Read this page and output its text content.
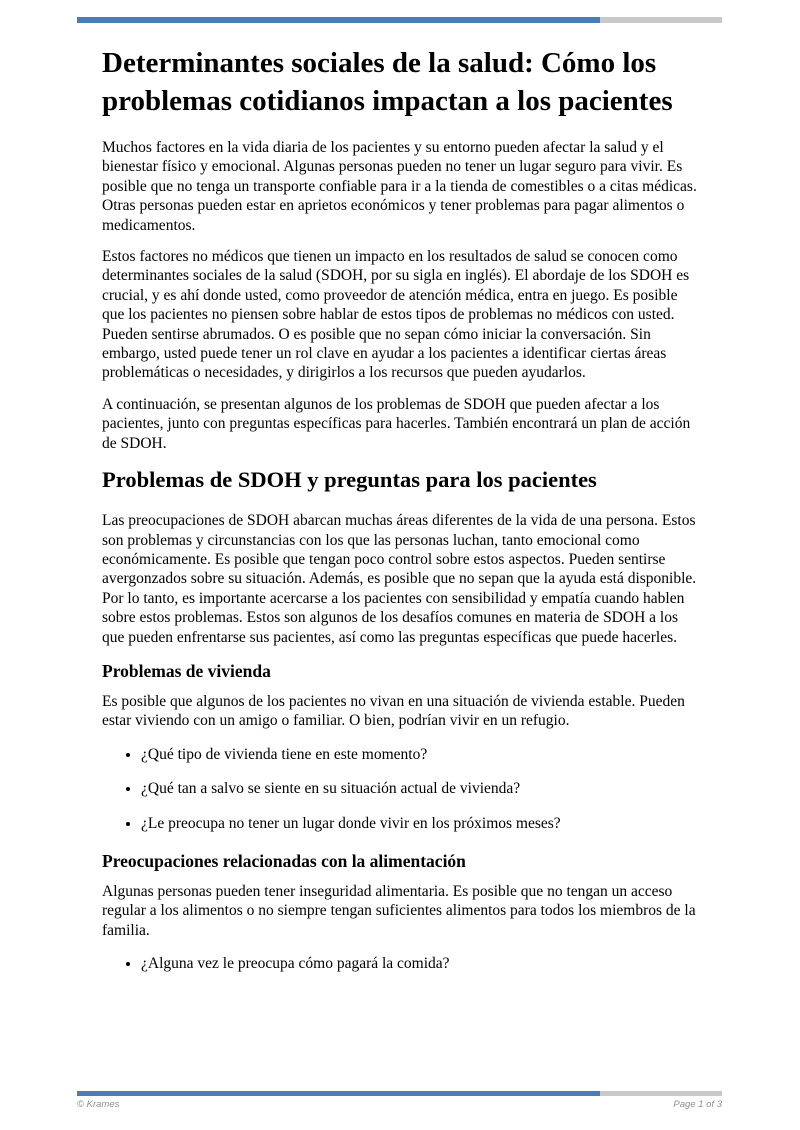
Determinantes sociales de la salud: Cómo los problemas cotidianos impactan a los pacientes

Muchos factores en la vida diaria de los pacientes y su entorno pueden afectar la salud y el bienestar físico y emocional. Algunas personas pueden no tener un lugar seguro para vivir. Es posible que no tenga un transporte confiable para ir a la tienda de comestibles o a citas médicas. Otras personas pueden estar en aprietos económicos y tener problemas para pagar alimentos o medicamentos.

Estos factores no médicos que tienen un impacto en los resultados de salud se conocen como determinantes sociales de la salud (SDOH, por su sigla en inglés). El abordaje de los SDOH es crucial, y es ahí donde usted, como proveedor de atención médica, entra en juego. Es posible que los pacientes no piensen sobre hablar de estos tipos de problemas no médicos con usted. Pueden sentirse abrumados. O es posible que no sepan cómo iniciar la conversación. Sin embargo, usted puede tener un rol clave en ayudar a los pacientes a identificar ciertas áreas problemáticas o necesidades, y dirigirlos a los recursos que pueden ayudarlos.

A continuación, se presentan algunos de los problemas de SDOH que pueden afectar a los pacientes, junto con preguntas específicas para hacerles. También encontrará un plan de acción de SDOH.

Problemas de SDOH y preguntas para los pacientes

Las preocupaciones de SDOH abarcan muchas áreas diferentes de la vida de una persona. Estos son problemas y circunstancias con los que las personas luchan, tanto emocional como económicamente. Es posible que tengan poco control sobre estos aspectos. Pueden sentirse avergonzados sobre su situación. Además, es posible que no sepan que la ayuda está disponible. Por lo tanto, es importante acercarse a los pacientes con sensibilidad y empatía cuando hablen sobre estos problemas. Estos son algunos de los desafíos comunes en materia de SDOH a los que pueden enfrentarse sus pacientes, así como las preguntas específicas que puede hacerles.

Problemas de vivienda

Es posible que algunos de los pacientes no vivan en una situación de vivienda estable. Pueden estar viviendo con un amigo o familiar. O bien, podrían vivir en un refugio.

• ¿Qué tipo de vivienda tiene en este momento?
• ¿Qué tan a salvo se siente en su situación actual de vivienda?
• ¿Le preocupa no tener un lugar donde vivir en los próximos meses?
Preocupaciones relacionadas con la alimentación

Algunas personas pueden tener inseguridad alimentaria. Es posible que no tengan un acceso regular a los alimentos o no siempre tengan suficientes alimentos para todos los miembros de la familia.

• ¿Alguna vez le preocupa cómo pagará la comida?
© Krames	Page 1 of 3
